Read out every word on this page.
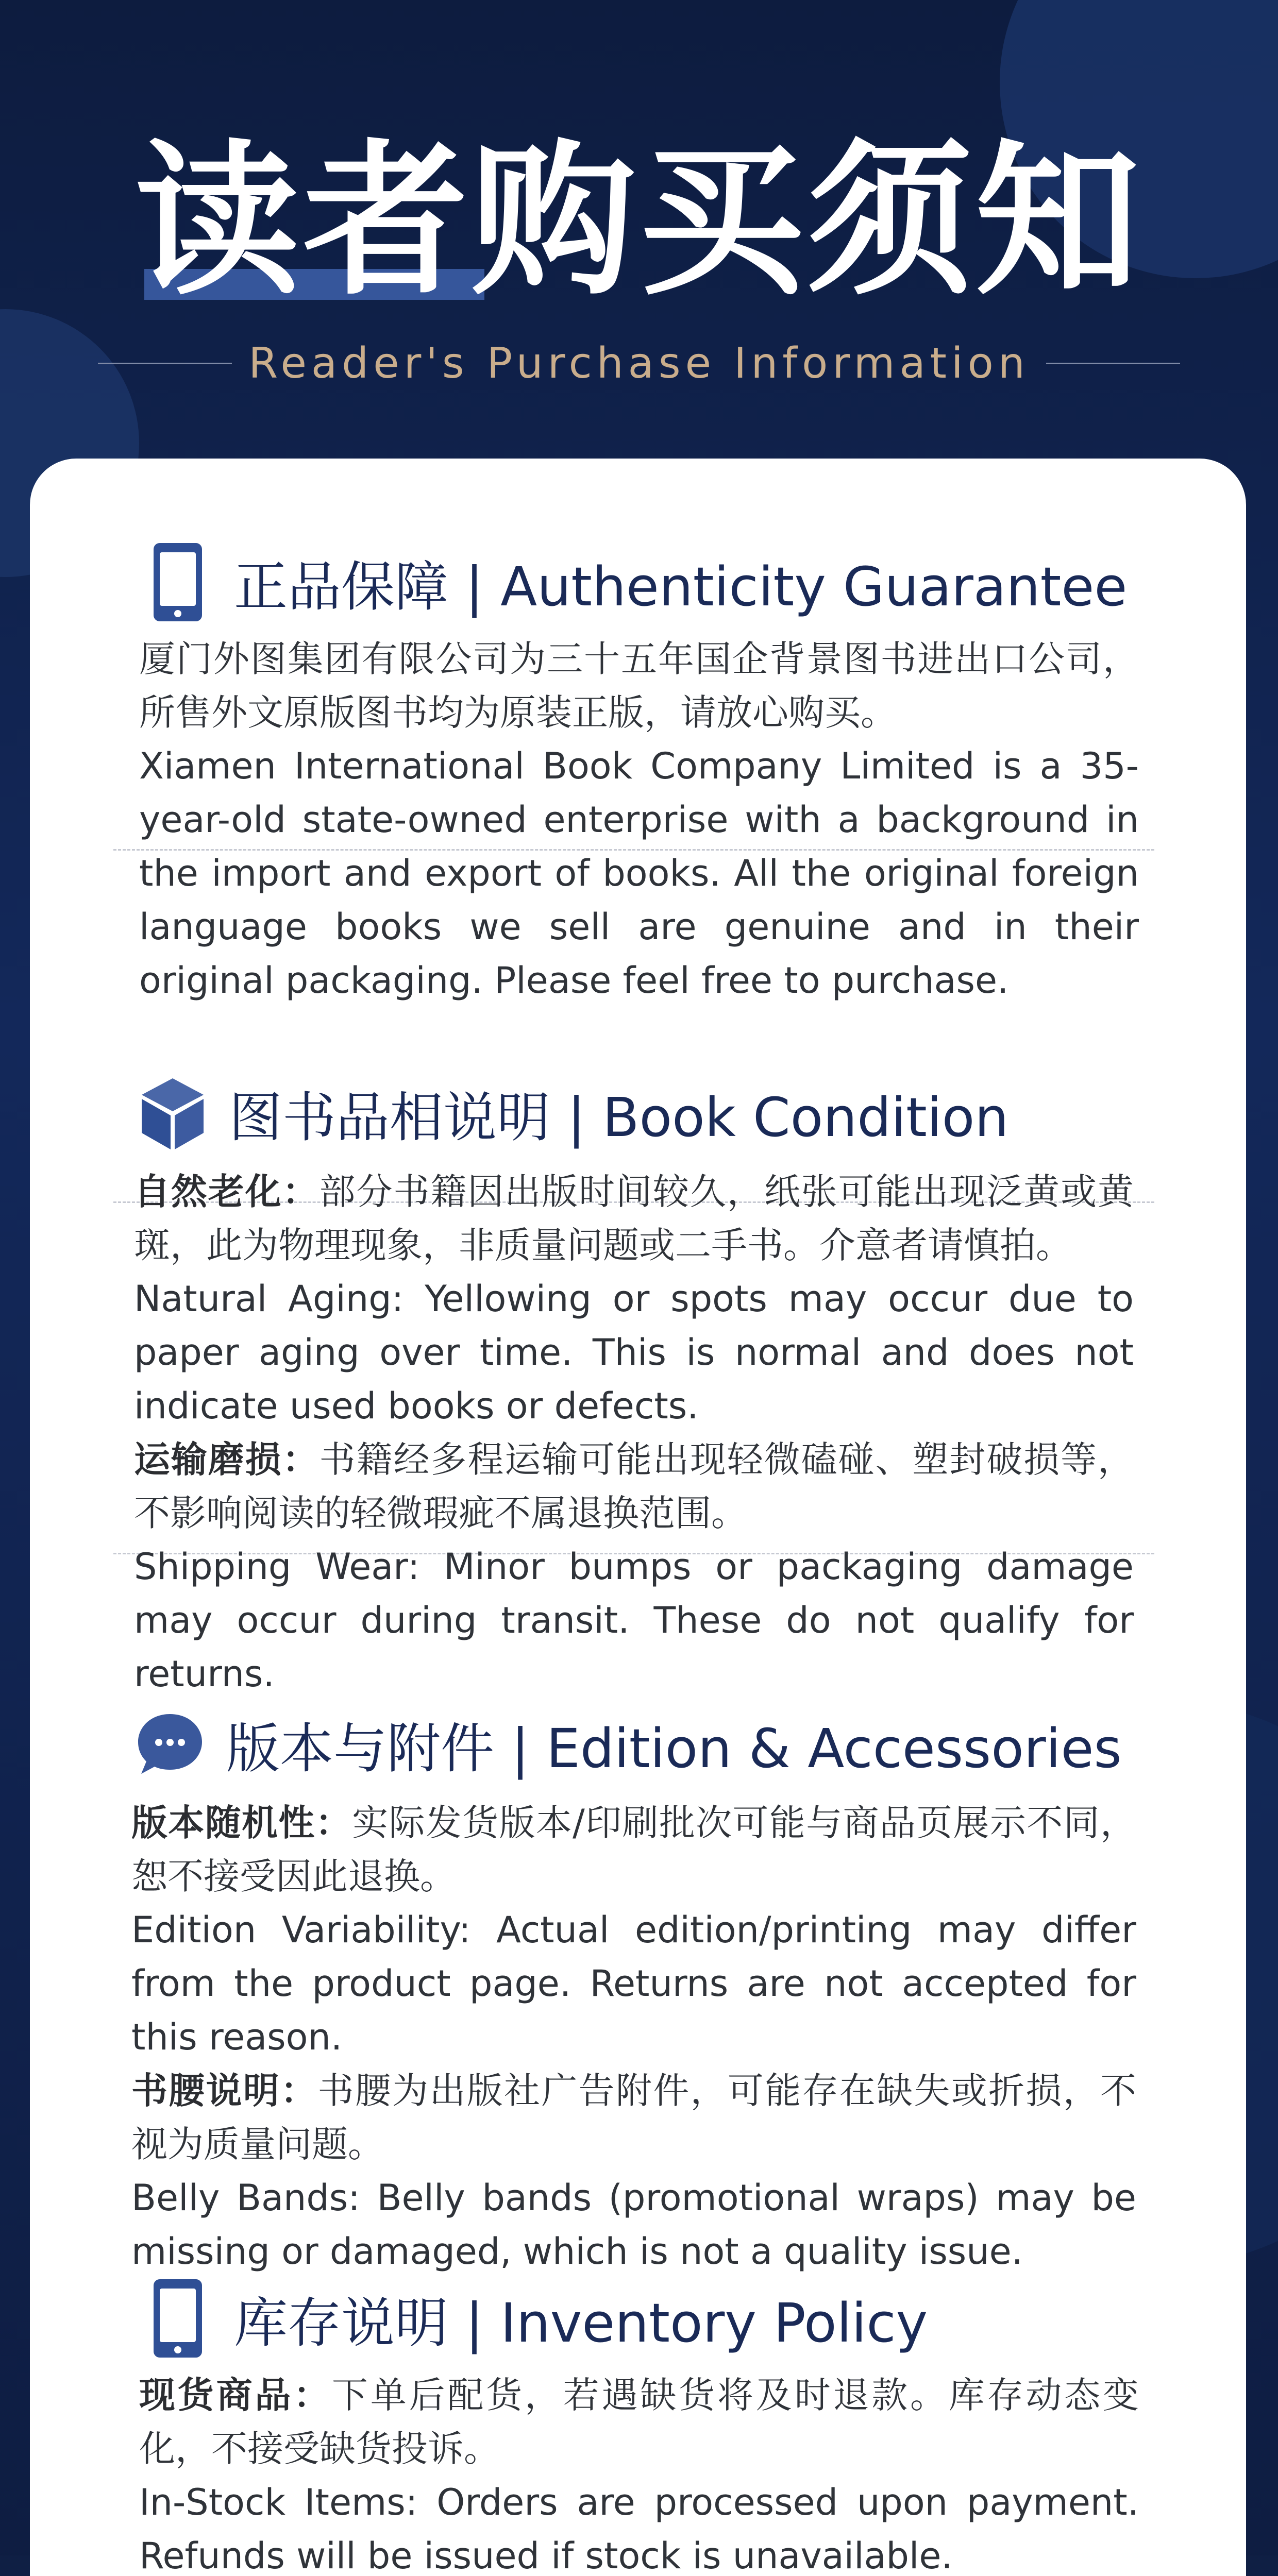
读者购买须知
Reader's Purchase Information
正品保障 | Authenticity Guarantee

厦门外图集团有限公司为三十五年国企背景图书进出口公司，所售外文原版图书均为原装正版，请放心购买。

Xiamen International Book Company Limited is a 35-year-old state-owned enterprise with a background in the import and export of books. All the original foreign language books we sell are genuine and in their original packaging. Please feel free to purchase.

图书品相说明 | Book Condition

自然老化：部分书籍因出版时间较久，纸张可能出现泛黄或黄斑，此为物理现象，非质量问题或二手书。介意者请慎拍。

Natural Aging: Yellowing or spots may occur due to paper aging over time. This is normal and does not indicate used books or defects.

运输磨损：书籍经多程运输可能出现轻微磕碰、塑封破损等，不影响阅读的轻微瑕疵不属退换范围。

Shipping Wear: Minor bumps or packaging damage may occur during transit. These do not qualify for returns.

版本与附件 | Edition & Accessories

版本随机性：实际发货版本/印刷批次可能与商品页展示不同，恕不接受因此退换。

Edition Variability: Actual edition/printing may differ from the product page. Returns are not accepted for this reason.

书腰说明：书腰为出版社广告附件，可能存在缺失或折损，不视为质量问题。

Belly Bands: Belly bands (promotional wraps) may be missing or damaged, which is not a quality issue.

库存说明 | Inventory Policy

现货商品：下单后配货，若遇缺货将及时退款。库存动态变化，不接受缺货投诉。

In-Stock Items: Orders are processed upon payment. Refunds will be issued if stock is unavailable.
